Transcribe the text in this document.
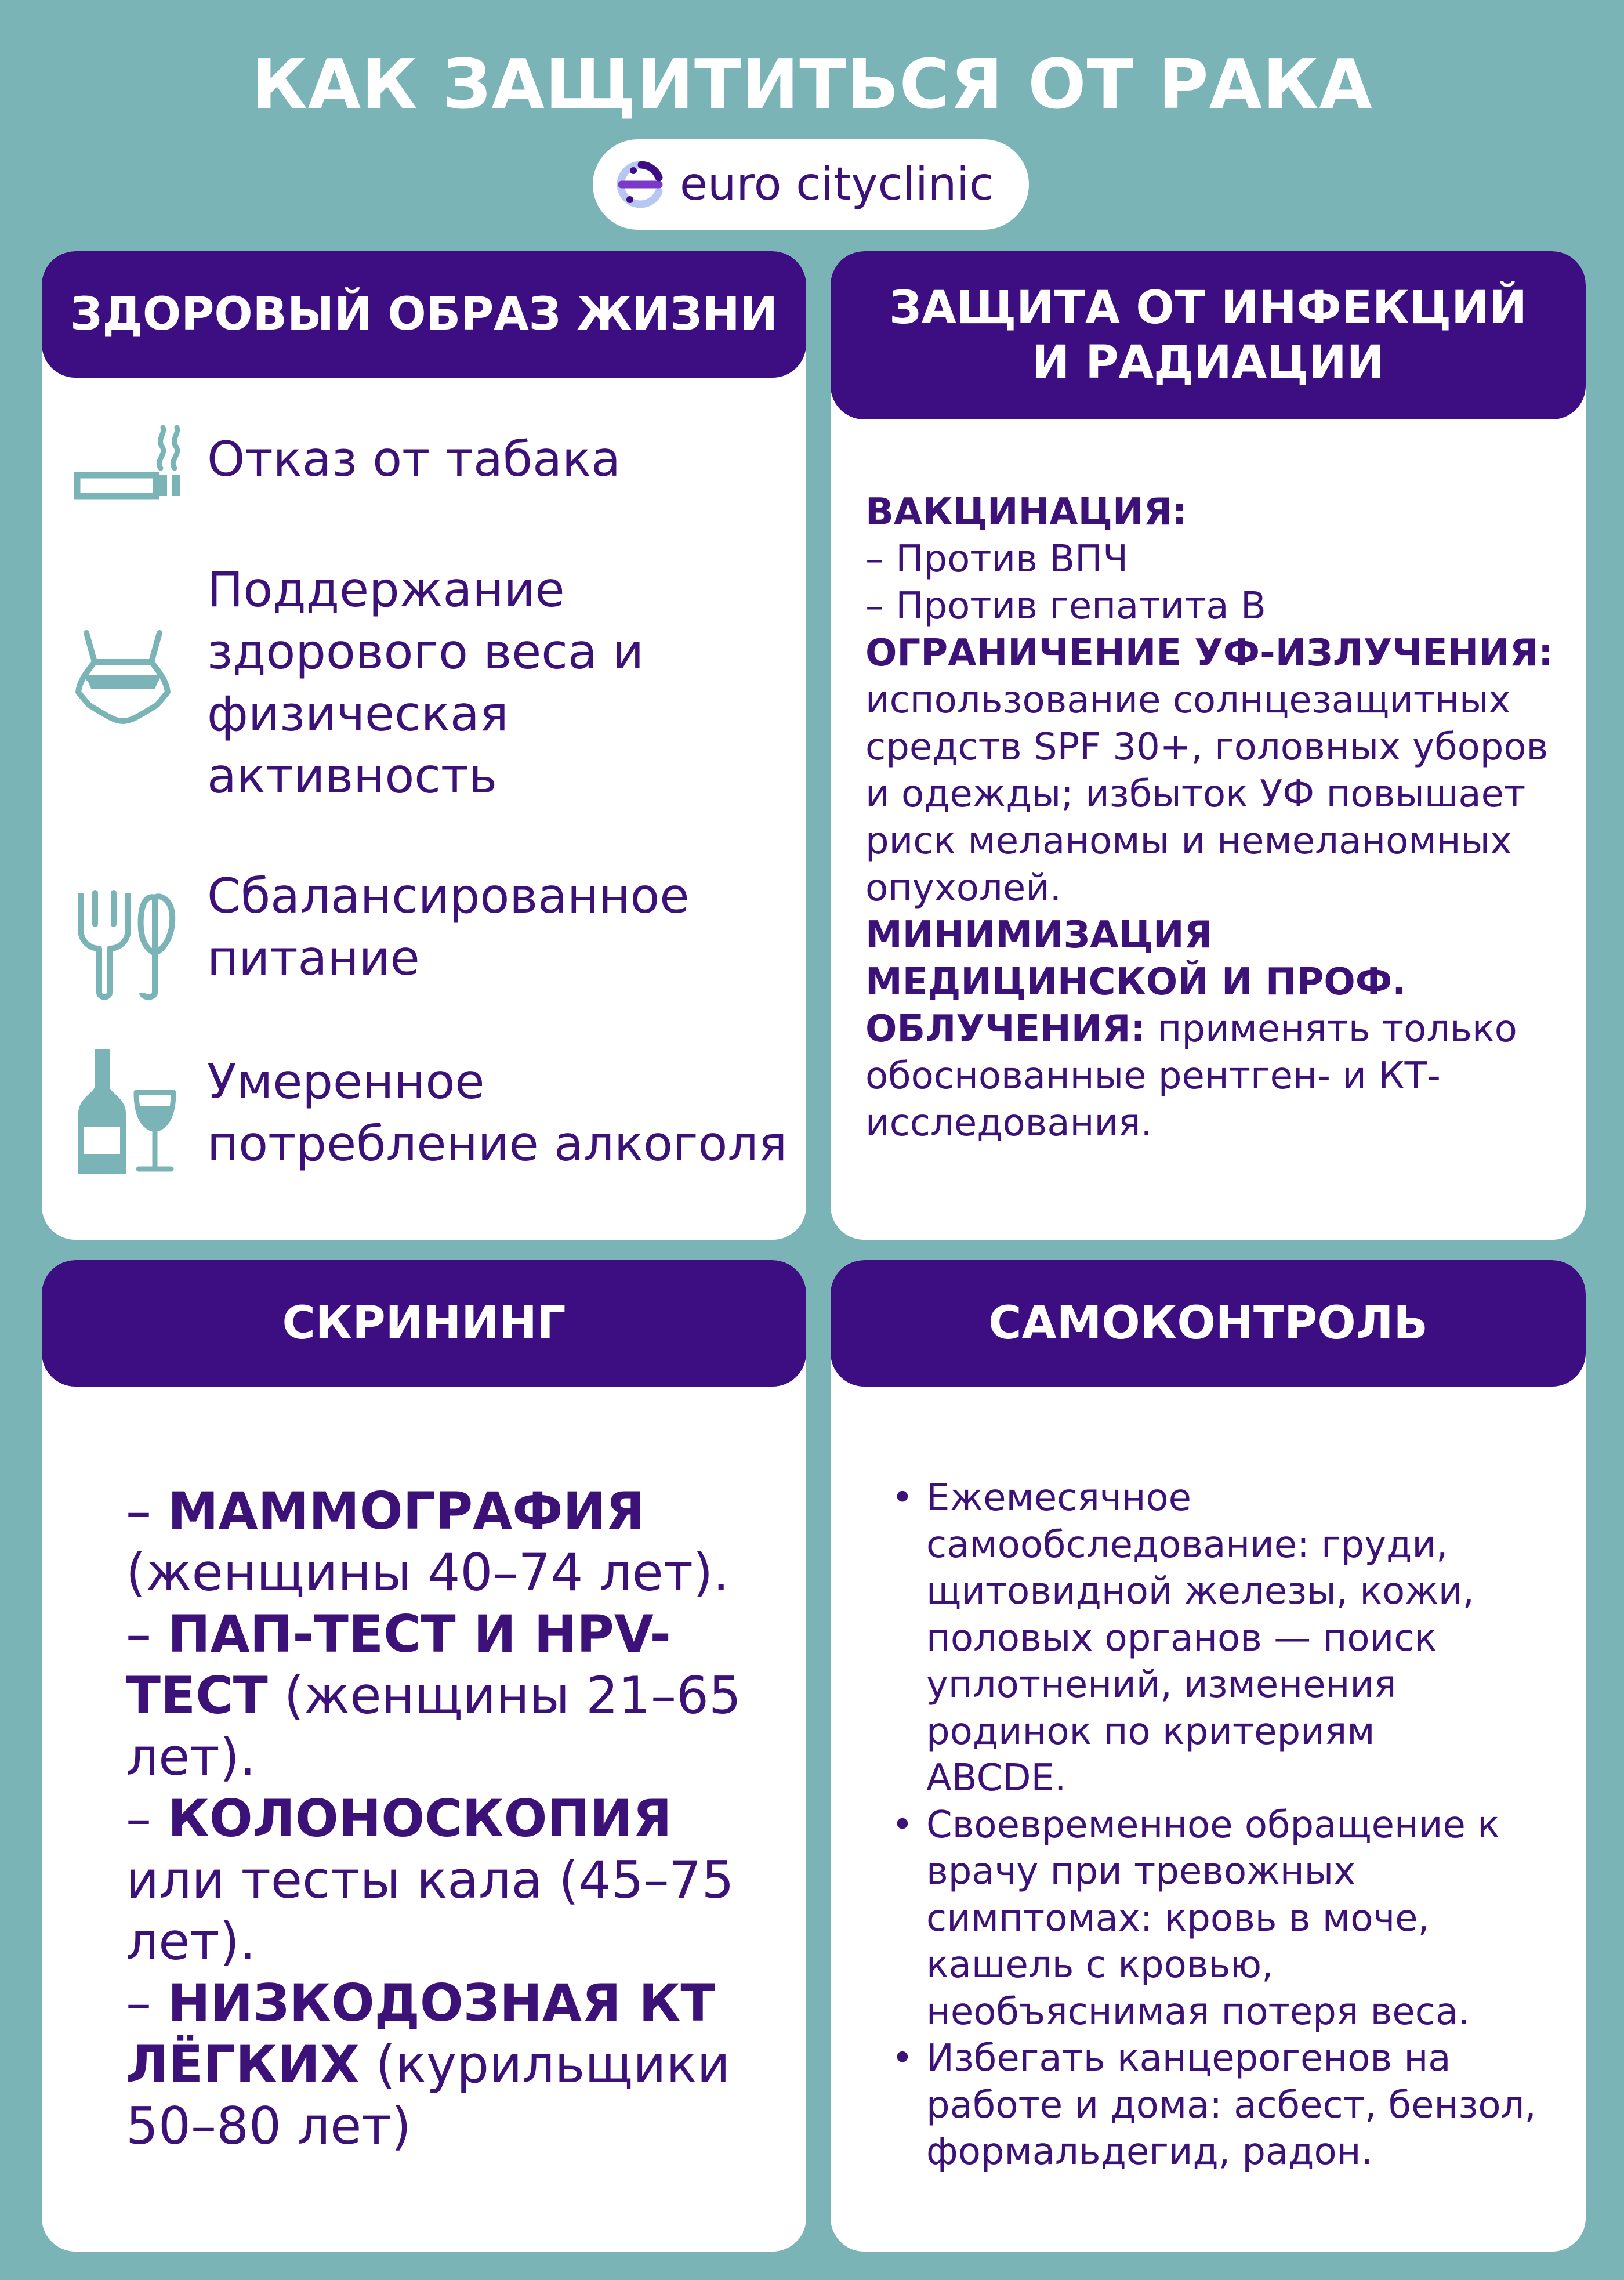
КАК ЗАЩИТИТЬСЯ ОТ РАКА
euro cityclinic
ЗДОРОВЫЙ ОБРАЗ ЖИЗНИ
Отказ от табака
Поддержание
здорового веса и
физическая
активность
Сбалансированное
питание
Умеренное
потребление алкоголя
ЗАЩИТА ОТ ИНФЕКЦИЙ
И РАДИАЦИИ
ВАКЦИНАЦИЯ:
– Против ВПЧ
– Против гепатита В
ОГРАНИЧЕНИЕ УФ-ИЗЛУЧЕНИЯ:
использование солнцезащитных
средств SPF 30+, головных уборов
и одежды; избыток УФ повышает
риск меланомы и немеланомных
опухолей.
МИНИМИЗАЦИЯ
МЕДИЦИНСКОЙ И ПРОФ.
ОБЛУЧЕНИЯ: применять только
обоснованные рентген- и КТ-
исследования.
СКРИНИНГ
– МАММОГРАФИЯ
(женщины 40–74 лет).
– ПАП-ТЕСТ И HPV-
ТЕСТ (женщины 21–65
лет).
– КОЛОНОСКОПИЯ
или тесты кала (45–75
лет).
– НИЗКОДОЗНАЯ КТ
ЛЁГКИХ (курильщики
50–80 лет)
САМОКОНТРОЛЬ
• Ежемесячное
самообследование: груди,
щитовидной железы, кожи,
половых органов — поиск
уплотнений, изменения
родинок по критериям
ABCDE.
• Своевременное обращение к
врачу при тревожных
симптомах: кровь в моче,
кашель с кровью,
необъяснимая потеря веса.
• Избегать канцерогенов на
работе и дома: асбест, бензол,
формальдегид, радон.
